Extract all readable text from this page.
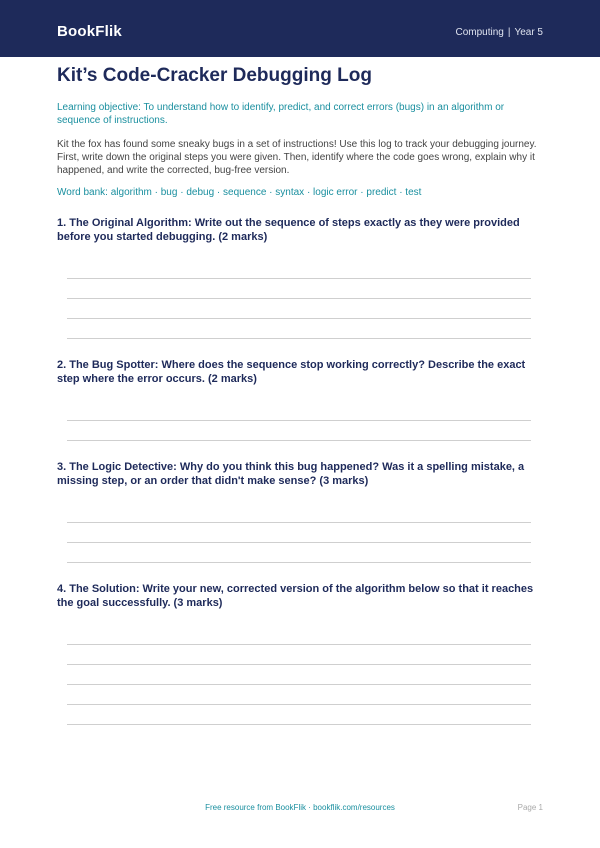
BookFlik	Computing | Year 5
Kit’s Code-Cracker Debugging Log
Learning objective: To understand how to identify, predict, and correct errors (bugs) in an algorithm or sequence of instructions.
Kit the fox has found some sneaky bugs in a set of instructions! Use this log to track your debugging journey. First, write down the original steps you were given. Then, identify where the code goes wrong, explain why it happened, and write the corrected, bug-free version.
Word bank: algorithm · bug · debug · sequence · syntax · logic error · predict · test
1. The Original Algorithm: Write out the sequence of steps exactly as they were provided before you started debugging. (2 marks)
2. The Bug Spotter: Where does the sequence stop working correctly? Describe the exact step where the error occurs. (2 marks)
3. The Logic Detective: Why do you think this bug happened? Was it a spelling mistake, a missing step, or an order that didn't make sense? (3 marks)
4. The Solution: Write your new, corrected version of the algorithm below so that it reaches the goal successfully. (3 marks)
Free resource from BookFlik · bookflik.com/resources	Page 1
